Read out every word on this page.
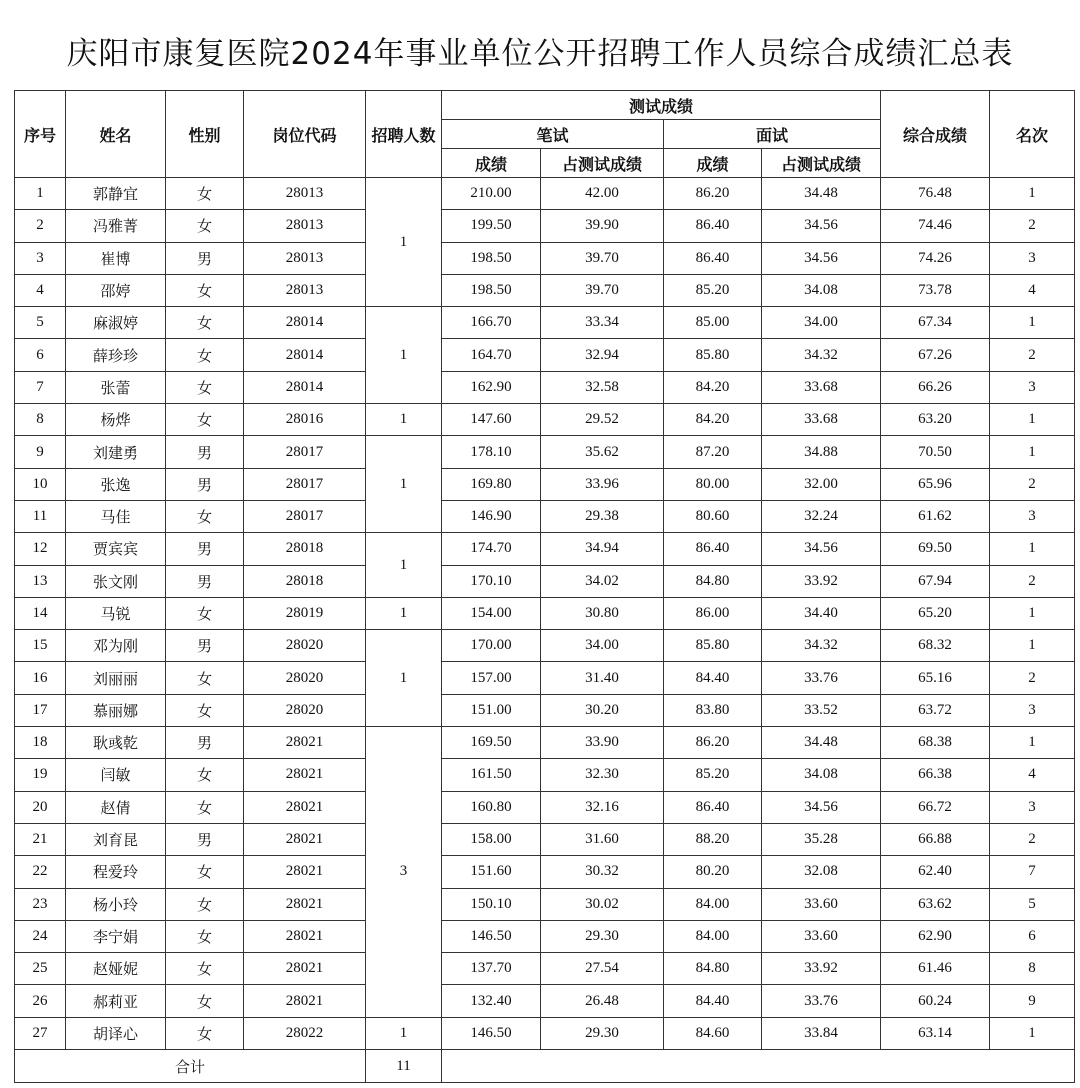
庆阳市康复医院2024年事业单位公开招聘工作人员综合成绩汇总表
序号	姓名	性别	岗位代码	招聘人数	测试成绩				综合成绩	名次
					笔试		面试			
					成绩	占测试成绩	成绩	占测试成绩		
1	郭静宜	女	28013	1	210.00	42.00	86.20	34.48	76.48	1
2	冯雅菁	女	28013		199.50	39.90	86.40	34.56	74.46	2
3	崔博	男	28013		198.50	39.70	86.40	34.56	74.26	3
4	邵婷	女	28013		198.50	39.70	85.20	34.08	73.78	4
5	麻淑婷	女	28014	1	166.70	33.34	85.00	34.00	67.34	1
6	薛珍珍	女	28014		164.70	32.94	85.80	34.32	67.26	2
7	张蕾	女	28014		162.90	32.58	84.20	33.68	66.26	3
8	杨烨	女	28016	1	147.60	29.52	84.20	33.68	63.20	1
9	刘建勇	男	28017	1	178.10	35.62	87.20	34.88	70.50	1
10	张逸	男	28017		169.80	33.96	80.00	32.00	65.96	2
11	马佳	女	28017		146.90	29.38	80.60	32.24	61.62	3
12	贾宾宾	男	28018	1	174.70	34.94	86.40	34.56	69.50	1
13	张文刚	男	28018		170.10	34.02	84.80	33.92	67.94	2
14	马锐	女	28019	1	154.00	30.80	86.00	34.40	65.20	1
15	邓为刚	男	28020	1	170.00	34.00	85.80	34.32	68.32	1
16	刘丽丽	女	28020		157.00	31.40	84.40	33.76	65.16	2
17	慕丽娜	女	28020		151.00	30.20	83.80	33.52	63.72	3
18	耿彧乾	男	28021	3	169.50	33.90	86.20	34.48	68.38	1
19	闫敏	女	28021		161.50	32.30	85.20	34.08	66.38	4
20	赵倩	女	28021		160.80	32.16	86.40	34.56	66.72	3
21	刘育昆	男	28021		158.00	31.60	88.20	35.28	66.88	2
22	程爱玲	女	28021		151.60	30.32	80.20	32.08	62.40	7
23	杨小玲	女	28021		150.10	30.02	84.00	33.60	63.62	5
24	李宁娟	女	28021		146.50	29.30	84.00	33.60	62.90	6
25	赵娅妮	女	28021		137.70	27.54	84.80	33.92	61.46	8
26	郝莉亚	女	28021		132.40	26.48	84.40	33.76	60.24	9
27	胡译心	女	28022	1	146.50	29.30	84.60	33.84	63.14	1
合计				11						
